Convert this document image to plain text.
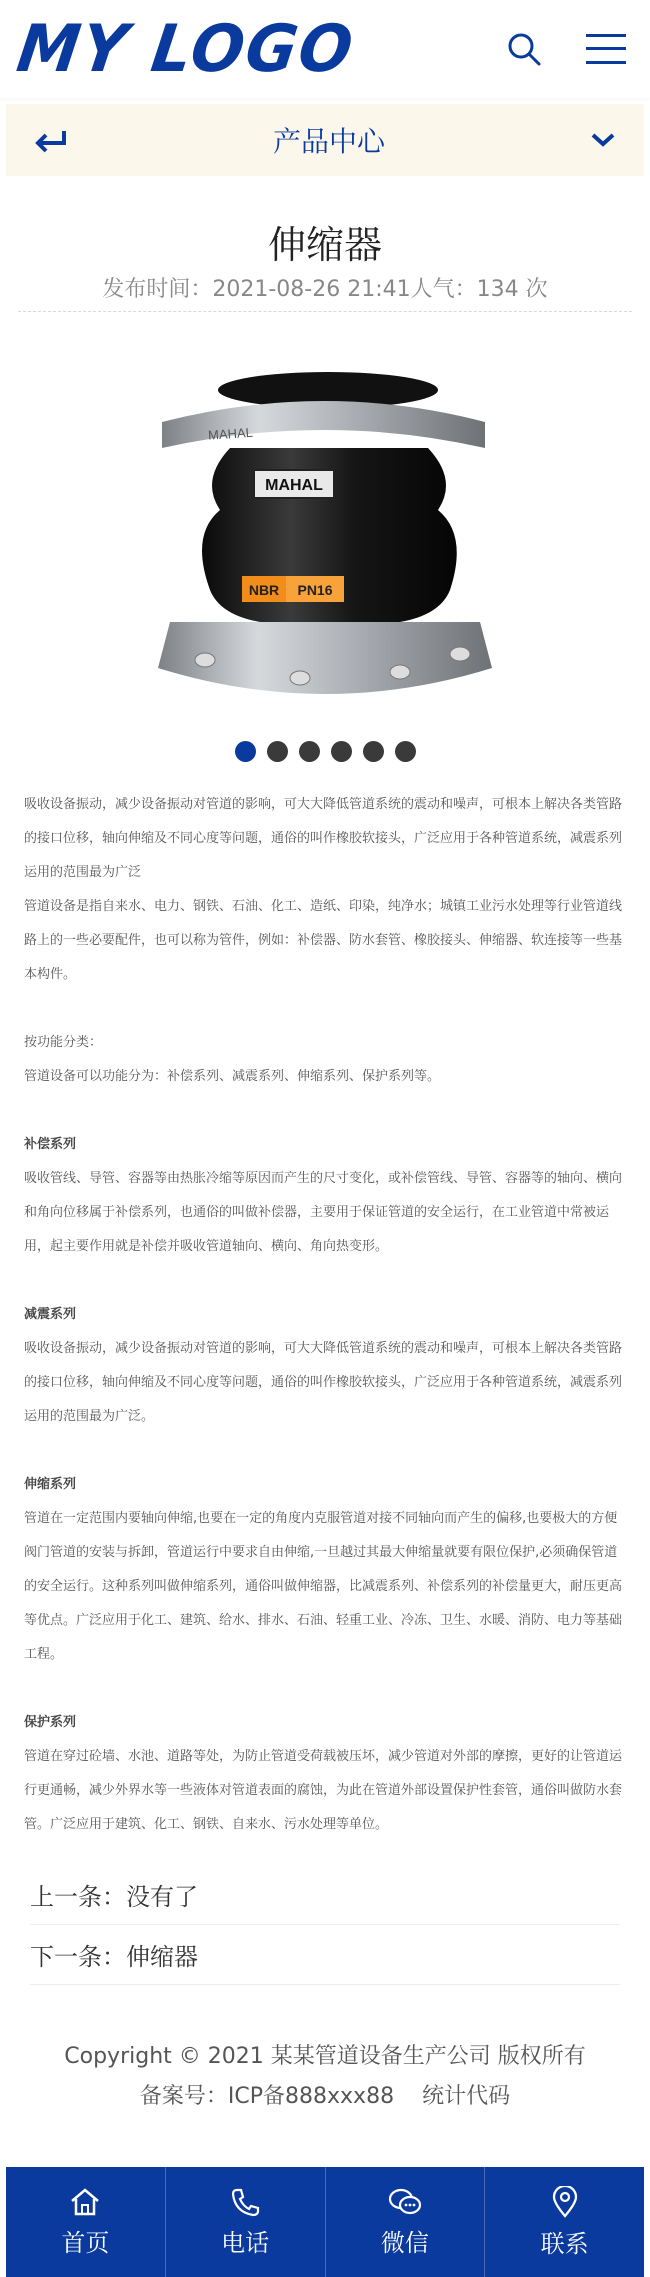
MY LOGO
产品中心
伸缩器
发布时间：2021-08-26 21:41人气：134 次
MAHAL
MAHAL
NBR PN16

吸收设备振动，减少设备振动对管道的影响，可大大降低管道系统的震动和噪声，可根本上解决各类管路的接口位移，轴向伸缩及不同心度等问题，通俗的叫作橡胶软接头，广泛应用于各种管道系统，减震系列运用的范围最为广泛

管道设备是指自来水、电力、钢铁、石油、化工、造纸、印染，纯净水；城镇工业污水处理等行业管道线路上的一些必要配件，也可以称为管件，例如：补偿器、防水套管、橡胶接头、伸缩器、软连接等一些基本构件。

按功能分类：

管道设备可以功能分为：补偿系列、减震系列、伸缩系列、保护系列等。

补偿系列

吸收管线、导管、容器等由热胀冷缩等原因而产生的尺寸变化，或补偿管线、导管、容器等的轴向、横向和角向位移属于补偿系列，也通俗的叫做补偿器，主要用于保证管道的安全运行，在工业管道中常被运用，起主要作用就是补偿并吸收管道轴向、横向、角向热变形。

减震系列

吸收设备振动，减少设备振动对管道的影响，可大大降低管道系统的震动和噪声，可根本上解决各类管路的接口位移，轴向伸缩及不同心度等问题，通俗的叫作橡胶软接头，广泛应用于各种管道系统，减震系列运用的范围最为广泛。

伸缩系列

管道在一定范围内要轴向伸缩,也要在一定的角度内克服管道对接不同轴向而产生的偏移,也要极大的方便阀门管道的安装与拆卸，管道运行中要求自由伸缩,一旦越过其最大伸缩量就要有限位保护,必须确保管道的安全运行。这种系列叫做伸缩系列，通俗叫做伸缩器，比减震系列、补偿系列的补偿量更大，耐压更高等优点。广泛应用于化工、建筑、给水、排水、石油、轻重工业、冷冻、卫生、水暖、消防、电力等基础工程。

保护系列

管道在穿过砼墙、水池、道路等处，为防止管道受荷载被压坏，减少管道对外部的摩擦，更好的让管道运行更通畅，减少外界水等一些液体对管道表面的腐蚀，为此在管道外部设置保护性套管，通俗叫做防水套管。广泛应用于建筑、化工、钢铁、自来水、污水处理等单位。

上一条：没有了
下一条：伸缩器
Copyright © 2021 某某管道设备生产公司 版权所有
备案号：ICP备888xxx88 统计代码
首页	电话	微信	联系
